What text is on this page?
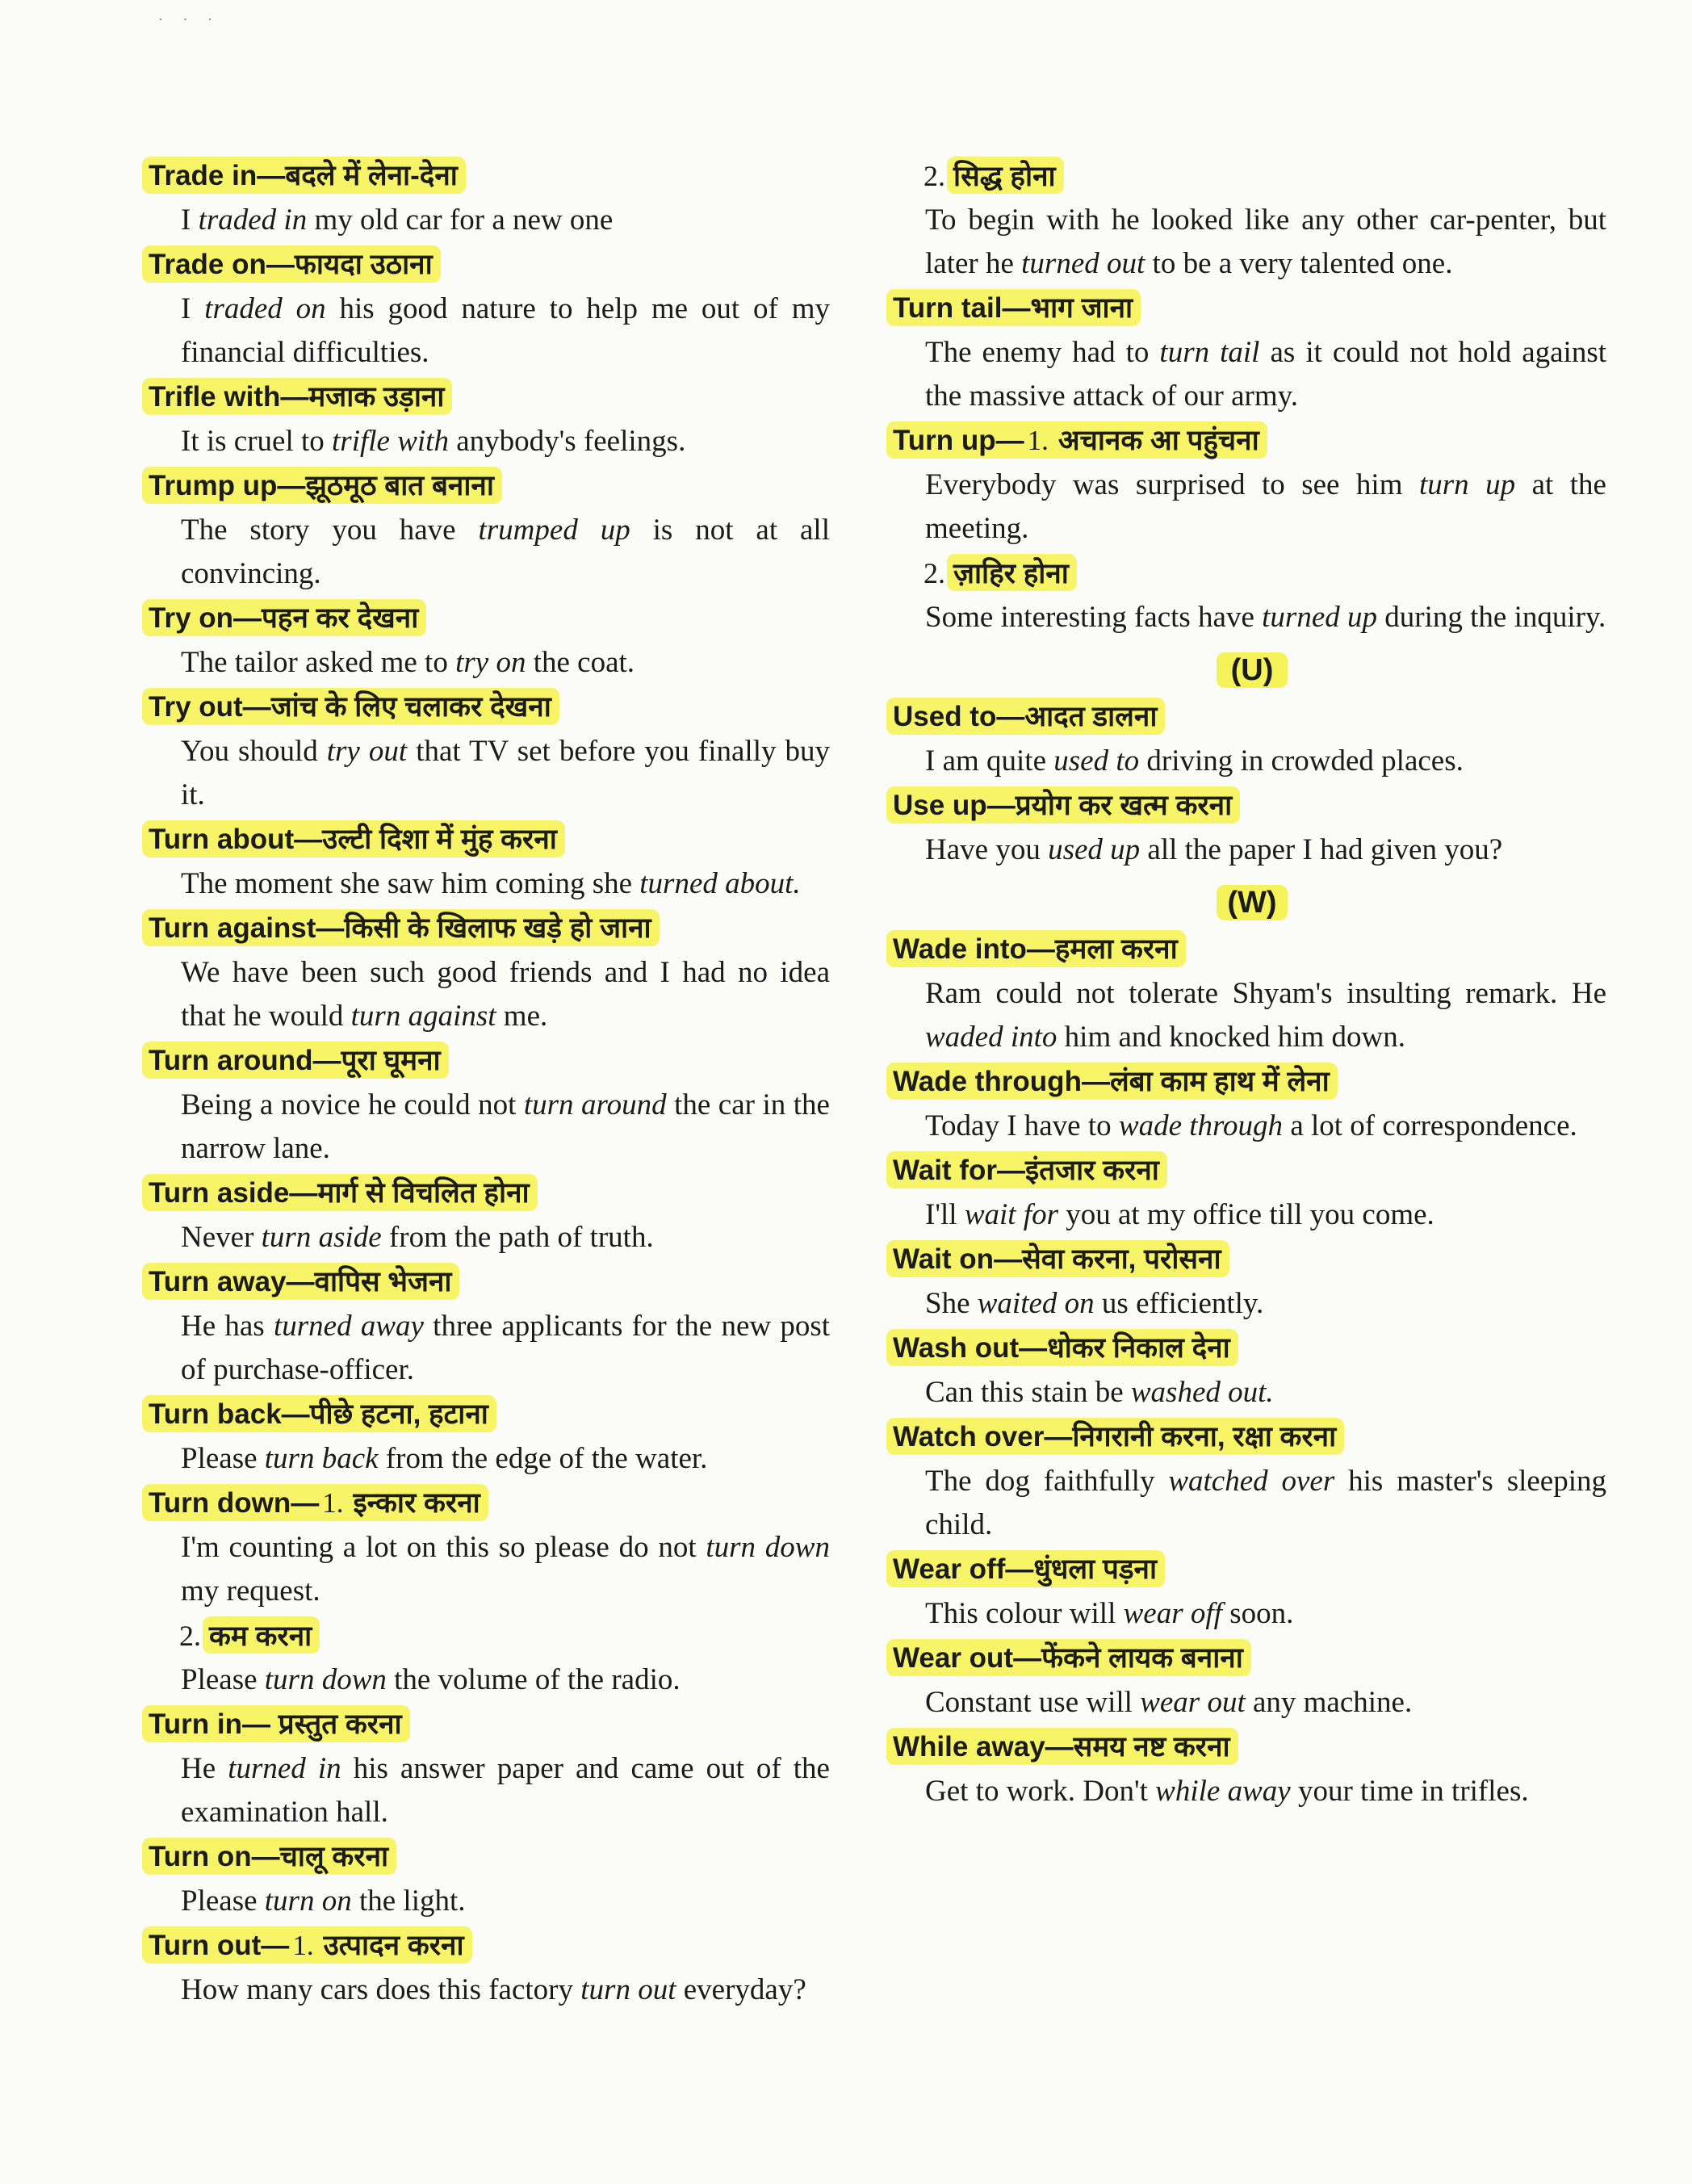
· · ·
Trade in—बदले में लेना-देना

I traded in my old car for a new one

Trade on—फायदा उठाना

I traded on his good nature to help me out of my financial difficulties.

Trifle with—मजाक उड़ाना

It is cruel to trifle with anybody's feelings.

Trump up—झूठमूठ बात बनाना

The story you have trumped up is not at all convincing.

Try on—पहन कर देखना

The tailor asked me to try on the coat.

Try out—जांच के लिए चलाकर देखना

You should try out that TV set before you finally buy it.

Turn about—उल्टी दिशा में मुंह करना

The moment she saw him coming she turned about.

Turn against—किसी के खिलाफ खड़े हो जाना

We have been such good friends and I had no idea that he would turn against me.

Turn around—पूरा घूमना

Being a novice he could not turn around the car in the narrow lane.

Turn aside—मार्ग से विचलित होना

Never turn aside from the path of truth.

Turn away—वापिस भेजना

He has turned away three applicants for the new post of purchase-officer.

Turn back—पीछे हटना, हटाना

Please turn back from the edge of the water.

Turn down— 1. इन्कार करना

I'm counting a lot on this so please do not turn down my request.

2. कम करना

Please turn down the volume of the radio.

Turn in— प्रस्तुत करना

He turned in his answer paper and came out of the examination hall.

Turn on—चालू करना

Please turn on the light.

Turn out— 1. उत्पादन करना

How many cars does this factory turn out everyday?

2. सिद्ध होना

To begin with he looked like any other car-penter, but later he turned out to be a very talented one.

Turn tail—भाग जाना

The enemy had to turn tail as it could not hold against the massive attack of our army.

Turn up— 1. अचानक आ पहुंचना

Everybody was surprised to see him turn up at the meeting.

2. ज़ाहिर होना

Some interesting facts have turned up during the inquiry.

(U)
Used to—आदत डालना

I am quite used to driving in crowded places.

Use up—प्रयोग कर खत्म करना

Have you used up all the paper I had given you?

(W)
Wade into—हमला करना

Ram could not tolerate Shyam's insulting remark. He waded into him and knocked him down.

Wade through—लंबा काम हाथ में लेना

Today I have to wade through a lot of correspondence.

Wait for—इंतजार करना

I'll wait for you at my office till you come.

Wait on—सेवा करना, परोसना

She waited on us efficiently.

Wash out—धोकर निकाल देना

Can this stain be washed out.

Watch over—निगरानी करना, रक्षा करना

The dog faithfully watched over his master's sleeping child.

Wear off—धुंधला पड़ना

This colour will wear off soon.

Wear out—फेंकने लायक बनाना

Constant use will wear out any machine.

While away—समय नष्ट करना

Get to work. Don't while away your time in trifles.
